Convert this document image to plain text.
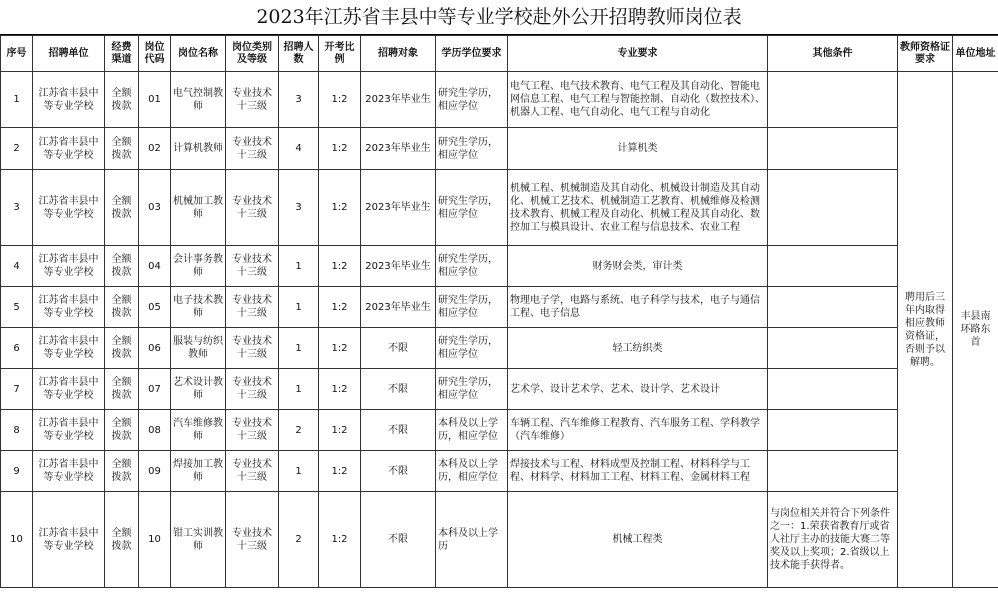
2023年江苏省丰县中等专业学校赴外公开招聘教师岗位表
序号	招聘单位	经费渠道	岗位代码	岗位名称	岗位类别及等级	招聘人数	开考比例	招聘对象	学历学位要求	专业要求	其他条件	教师资格证要求	单位地址
1	江苏省丰县中等专业学校	全额拨款	01	电气控制教师	专业技术十三级	3	1:2	2023年毕业生	研究生学历，相应学位	电气工程、电气技术教育、电气工程及其自动化、智能电网信息工程、电气工程与智能控制、自动化（数控技术）、机器人工程、电气自动化、电气工程与自动化		聘用后三年内取得相应教师资格证，否则予以解聘。	丰县南环路东首
2	江苏省丰县中等专业学校	全额拨款	02	计算机教师	专业技术十三级	4	1:2	2023年毕业生	研究生学历，相应学位	计算机类			
3	江苏省丰县中等专业学校	全额拨款	03	机械加工教师	专业技术十三级	3	1:2	2023年毕业生	研究生学历，相应学位	机械工程、机械制造及其自动化、机械设计制造及其自动化、机械工艺技术、机械制造工艺教育、机械维修及检测技术教育、机械工程及自动化、机械工程及其自动化、数控加工与模具设计、农业工程与信息技术、农业工程			
4	江苏省丰县中等专业学校	全额拨款	04	会计事务教师	专业技术十三级	1	1:2	2023年毕业生	研究生学历，相应学位	财务财会类，审计类			
5	江苏省丰县中等专业学校	全额拨款	05	电子技术教师	专业技术十三级	1	1:2	2023年毕业生	研究生学历，相应学位	物理电子学，电路与系统、电子科学与技术，电子与通信工程、电子信息			
6	江苏省丰县中等专业学校	全额拨款	06	服装与纺织教师	专业技术十三级	1	1:2	不限	研究生学历，相应学位	轻工纺织类			
7	江苏省丰县中等专业学校	全额拨款	07	艺术设计教师	专业技术十三级	1	1:2	不限	研究生学历，相应学位	艺术学、设计艺术学、艺术、设计学、艺术设计			
8	江苏省丰县中等专业学校	全额拨款	08	汽车维修教师	专业技术十三级	2	1:2	不限	本科及以上学历，相应学位	车辆工程、汽车维修工程教育、汽车服务工程、学科教学（汽车维修）			
9	江苏省丰县中等专业学校	全额拨款	09	焊接加工教师	专业技术十三级	1	1:2	不限	本科及以上学历，相应学位	焊接技术与工程、材料成型及控制工程、材料科学与工程、材料学、材料加工工程、材料工程、金属材料工程			
10	江苏省丰县中等专业学校	全额拨款	10	钳工实训教师	专业技术十三级	2	1:2	不限	本科及以上学历	机械工程类	与岗位相关并符合下列条件之一：1.荣获省教育厅或省人社厅主办的技能大赛二等奖及以上奖项；2.省级以上技术能手获得者。		
